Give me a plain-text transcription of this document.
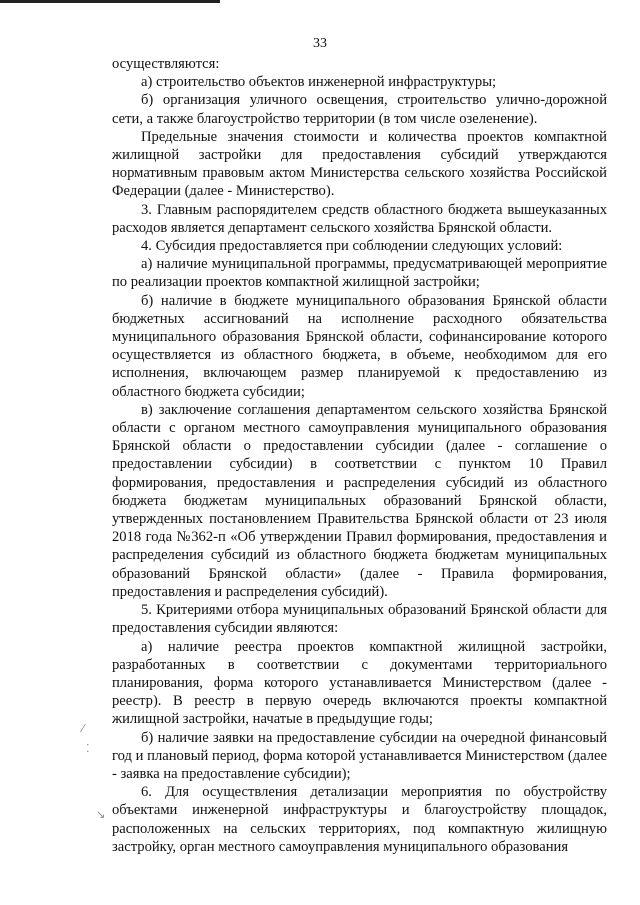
33

осуществляются:

а) строительство объектов инженерной инфраструктуры;

б) организация уличного освещения, строительство улично-дорожной сети, а также благоустройство территории (в том числе озеленение).

Предельные значения стоимости и количества проектов компактной жилищной застройки для предоставления субсидий утверждаются нормативным правовым актом Министерства сельского хозяйства Российской Федерации (далее - Министерство).

3. Главным распорядителем средств областного бюджета вышеуказанных расходов является департамент сельского хозяйства Брянской области.

4. Субсидия предоставляется при соблюдении следующих условий:

а) наличие муниципальной программы, предусматривающей мероприятие по реализации проектов компактной жилищной застройки;

б) наличие в бюджете муниципального образования Брянской области бюджетных ассигнований на исполнение расходного обязательства муниципального образования Брянской области, софинансирование которого осуществляется из областного бюджета, в объеме, необходимом для его исполнения, включающем размер планируемой к предоставлению из областного бюджета субсидии;

в) заключение соглашения департаментом сельского хозяйства Брянской области с органом местного самоуправления муниципального образования Брянской области о предоставлении субсидии (далее - соглашение о предоставлении субсидии) в соответствии с пунктом 10 Правил формирования, предоставления и распределения субсидий из областного бюджета бюджетам муниципальных образований Брянской области, утвержденных постановлением Правительства Брянской области от 23 июля 2018 года №362-п «Об утверждении Правил формирования, предоставления и распределения субсидий из областного бюджета бюджетам муниципальных образований Брянской области» (далее - Правила формирования, предоставления и распределения субсидий).

5. Критериями отбора муниципальных образований Брянской области для предоставления субсидии являются:

а) наличие реестра проектов компактной жилищной застройки, разработанных в соответствии с документами территориального планирования, форма которого устанавливается Министерством (далее - реестр). В реестр в первую очередь включаются проекты компактной жилищной застройки, начатые в предыдущие годы;

б) наличие заявки на предоставление субсидии на очередной финансовый год и плановый период, форма которой устанавливается Министерством (далее - заявка на предоставление субсидии);

6. Для осуществления детализации мероприятия по обустройству объектами инженерной инфраструктуры и благоустройству площадок, расположенных на сельских территориях, под компактную жилищную застройку, орган местного самоуправления муниципального образования

⁄
⁚
↘
